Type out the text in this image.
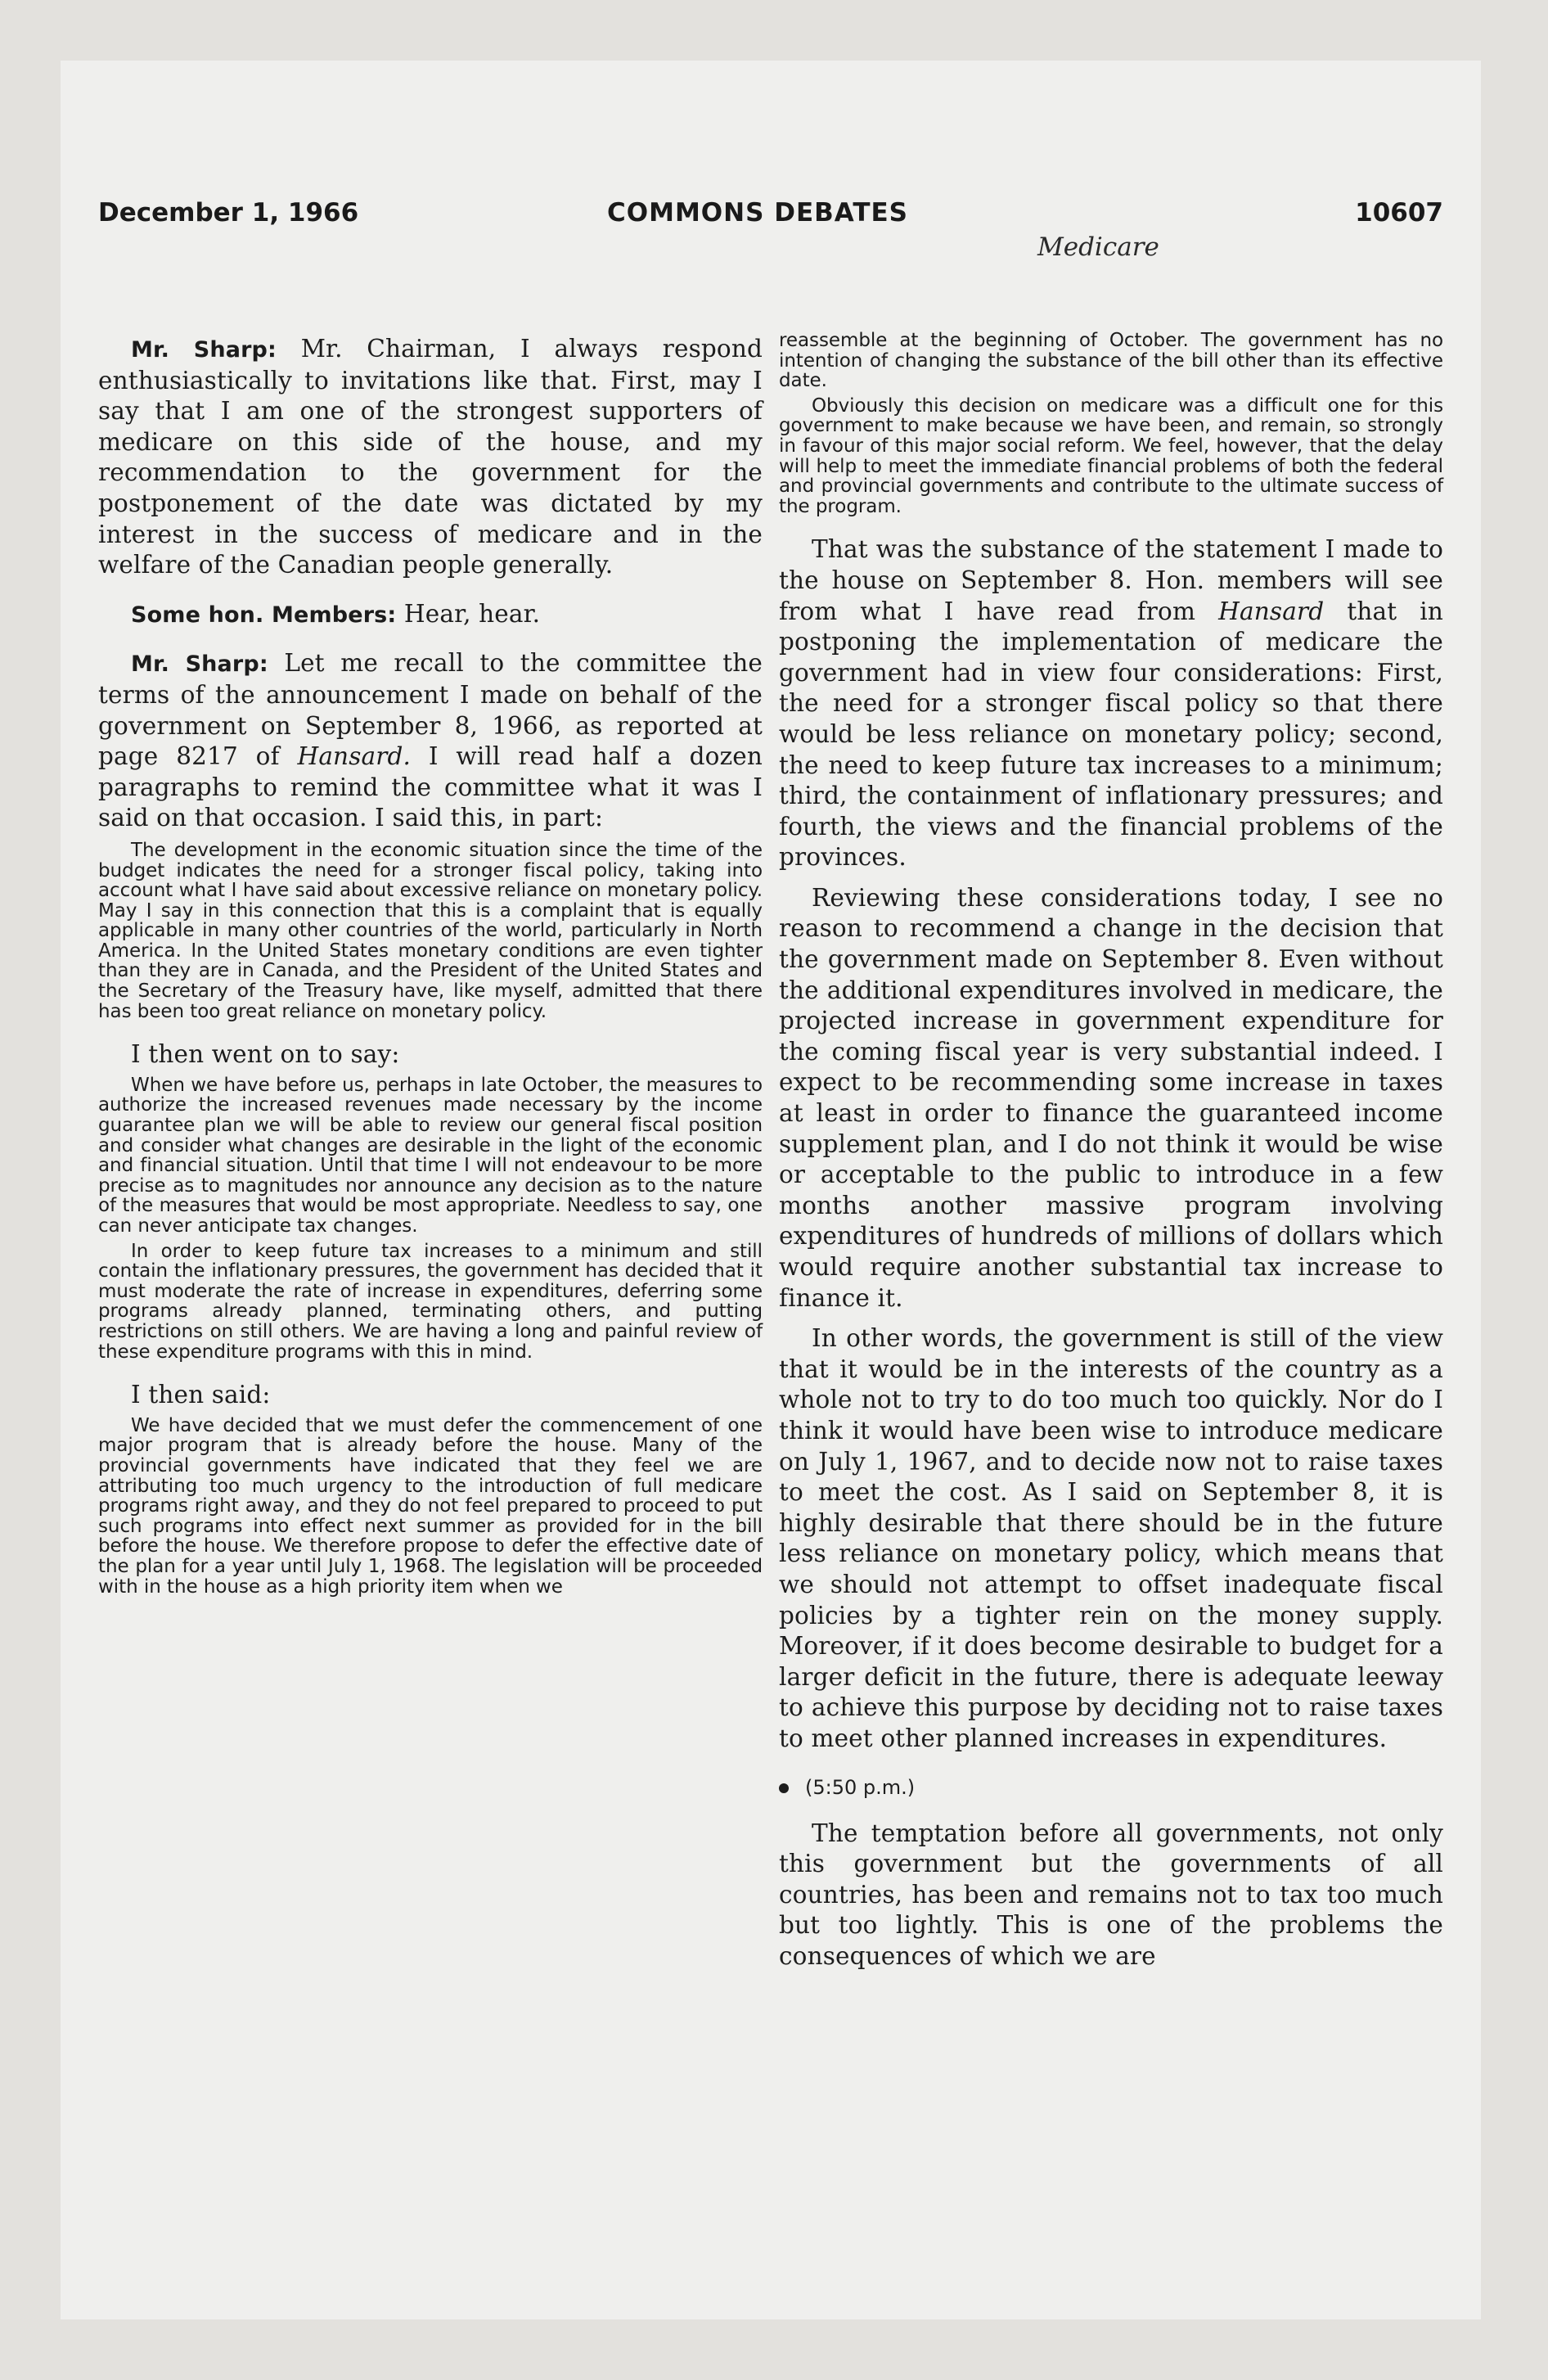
December 1, 1966	COMMONS DEBATES	10607
Medicare

Mr. Sharp: Mr. Chairman, I always respond enthusiastically to invitations like that. First, may I say that I am one of the strongest supporters of medicare on this side of the house, and my recommendation to the government for the postponement of the date was dictated by my interest in the success of medicare and in the welfare of the Canadian people generally.

Some hon. Members: Hear, hear.

Mr. Sharp: Let me recall to the committee the terms of the announcement I made on behalf of the government on September 8, 1966, as reported at page 8217 of Hansard. I will read half a dozen paragraphs to remind the committee what it was I said on that occasion. I said this, in part:

The development in the economic situation since the time of the budget indicates the need for a stronger fiscal policy, taking into account what I have said about excessive reliance on monetary policy. May I say in this connection that this is a complaint that is equally applicable in many other countries of the world, particularly in North America. In the United States monetary conditions are even tighter than they are in Canada, and the President of the United States and the Secretary of the Treasury have, like myself, admitted that there has been too great reliance on monetary policy.

I then went on to say:

When we have before us, perhaps in late October, the measures to authorize the increased revenues made necessary by the income guarantee plan we will be able to review our general fiscal position and consider what changes are desirable in the light of the economic and financial situation. Until that time I will not endeavour to be more precise as to magnitudes nor announce any decision as to the nature of the measures that would be most appropriate. Needless to say, one can never anticipate tax changes.

In order to keep future tax increases to a minimum and still contain the inflationary pressures, the government has decided that it must moderate the rate of increase in expenditures, deferring some programs already planned, terminating others, and putting restrictions on still others. We are having a long and painful review of these expenditure programs with this in mind.

I then said:

We have decided that we must defer the commencement of one major program that is already before the house. Many of the provincial governments have indicated that they feel we are attributing too much urgency to the introduction of full medicare programs right away, and they do not feel prepared to proceed to put such programs into effect next summer as provided for in the bill before the house. We therefore propose to defer the effective date of the plan for a year until July 1, 1968. The legislation will be proceeded with in the house as a high priority item when we

reassemble at the beginning of October. The government has no intention of changing the substance of the bill other than its effective date.

Obviously this decision on medicare was a difficult one for this government to make because we have been, and remain, so strongly in favour of this major social reform. We feel, however, that the delay will help to meet the immediate financial problems of both the federal and provincial governments and contribute to the ultimate success of the program.

That was the substance of the statement I made to the house on September 8. Hon. members will see from what I have read from Hansard that in postponing the implementation of medicare the government had in view four considerations: First, the need for a stronger fiscal policy so that there would be less reliance on monetary policy; second, the need to keep future tax increases to a minimum; third, the containment of inflationary pressures; and fourth, the views and the financial problems of the provinces.

Reviewing these considerations today, I see no reason to recommend a change in the decision that the government made on September 8. Even without the additional expenditures involved in medicare, the projected increase in government expenditure for the coming fiscal year is very substantial indeed. I expect to be recommending some increase in taxes at least in order to finance the guaranteed income supplement plan, and I do not think it would be wise or acceptable to the public to introduce in a few months another massive program involving expenditures of hundreds of millions of dollars which would require another substantial tax increase to finance it.

In other words, the government is still of the view that it would be in the interests of the country as a whole not to try to do too much too quickly. Nor do I think it would have been wise to introduce medicare on July 1, 1967, and to decide now not to raise taxes to meet the cost. As I said on September 8, it is highly desirable that there should be in the future less reliance on monetary policy, which means that we should not attempt to offset inadequate fiscal policies by a tighter rein on the money supply. Moreover, if it does become desirable to budget for a larger deficit in the future, there is adequate leeway to achieve this purpose by deciding not to raise taxes to meet other planned increases in expenditures.

(5:50 p.m.)

The temptation before all governments, not only this government but the governments of all countries, has been and remains not to tax too much but too lightly. This is one of the problems the consequences of which we are
